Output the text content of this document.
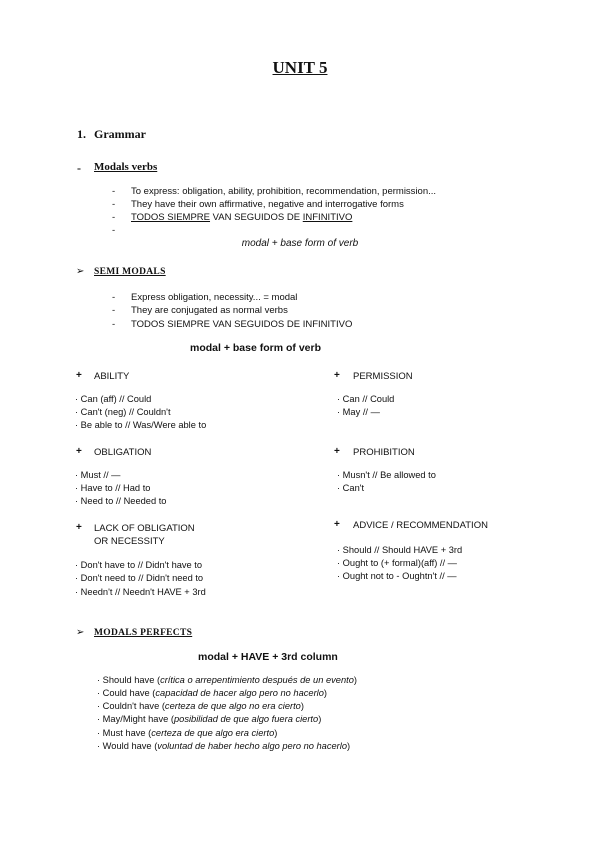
UNIT 5
1. Grammar
- Modals verbs
- To express: obligation, ability, prohibition, recommendation, permission...
- They have their own affirmative, negative and interrogative forms
- TODOS SIEMPRE VAN SEGUIDOS DE INFINITIVO
-
modal + base form of verb
➢ SEMI MODALS
- Express obligation, necessity... = modal
- They are conjugated as normal verbs
- TODOS SIEMPRE VAN SEGUIDOS DE INFINITIVO
modal + base form of verb
+ ABILITY
· Can (aff) // Could
· Can't (neg) // Couldn't
· Be able to // Was/Were able to
+ PERMISSION
· Can // Could
· May // —
+ OBLIGATION
· Must // —
· Have to // Had to
· Need to // Needed to
+ PROHIBITION
· Musn't // Be allowed to
· Can't
+ LACK OF OBLIGATION
OR NECESSITY
· Don't have to // Didn't have to
· Don't need to // Didn't need to
· Needn't // Needn't HAVE + 3rd
+ ADVICE / RECOMMENDATION
· Should // Should HAVE + 3rd
· Ought to (+ formal)(aff) // —
· Ought not to - Oughtn't // —
➢ MODALS PERFECTS
modal + HAVE + 3rd column
· Should have (crítica o arrepentimiento después de un evento)
· Could have (capacidad de hacer algo pero no hacerlo)
· Couldn't have (certeza de que algo no era cierto)
· May/Might have (posibilidad de que algo fuera cierto)
· Must have (certeza de que algo era cierto)
· Would have (voluntad de haber hecho algo pero no hacerlo)
